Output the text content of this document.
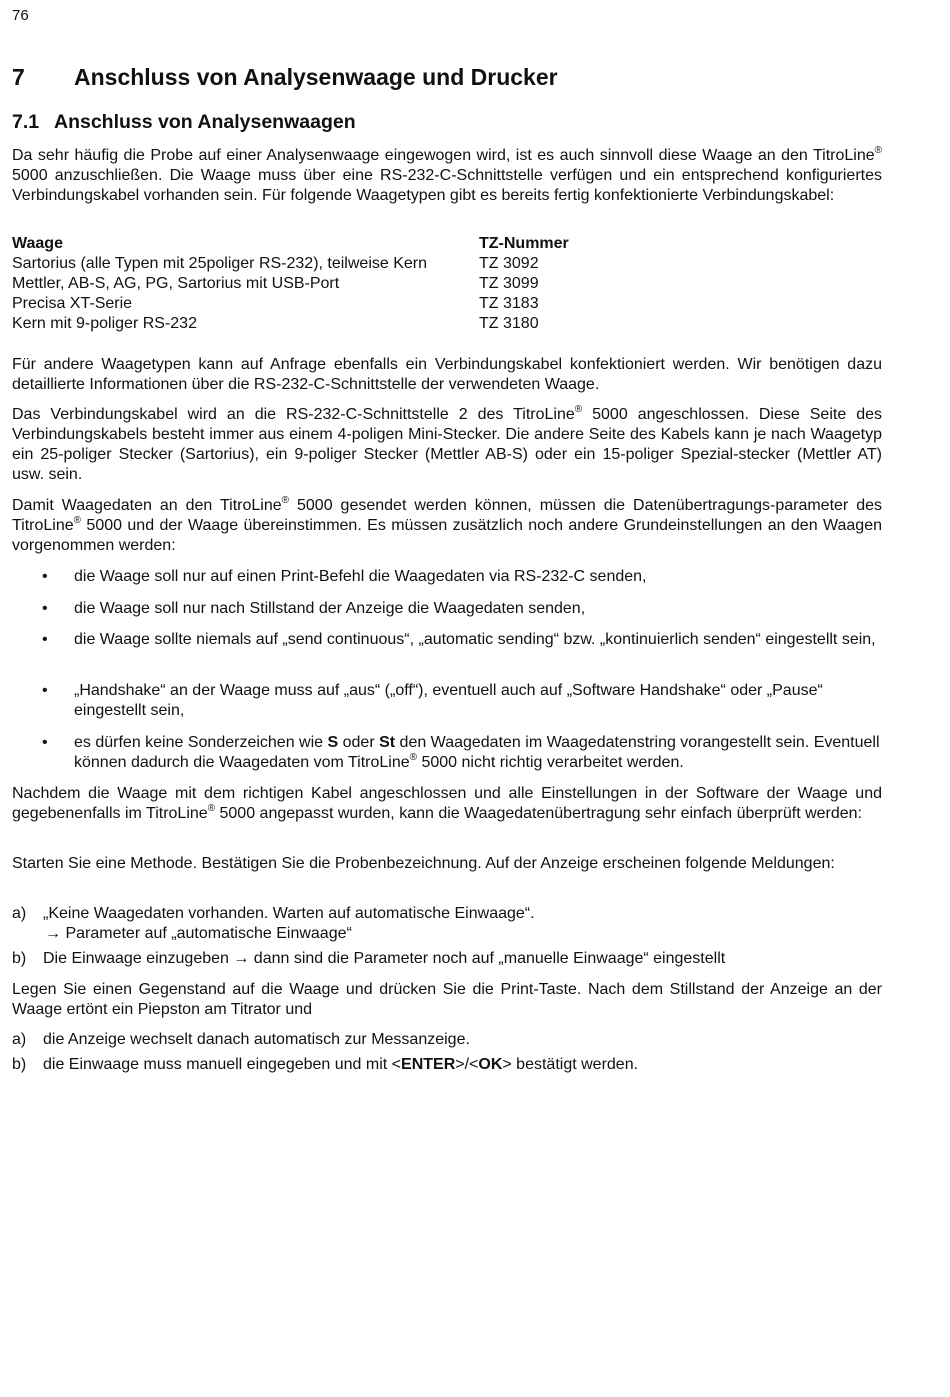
76
7 Anschluss von Analysenwaage und Drucker
7.1 Anschluss von Analysenwaagen
Da sehr häufig die Probe auf einer Analysenwaage eingewogen wird, ist es auch sinnvoll diese Waage an den TitroLine® 5000 anzuschließen. Die Waage muss über eine RS-232-C-Schnittstelle verfügen und ein entsprechend konfiguriertes Verbindungskabel vorhanden sein. Für folgende Waagetypen gibt es bereits fertig konfektionierte Verbindungskabel:
Waage	TZ-Nummer
Sartorius (alle Typen mit 25poliger RS-232), teilweise Kern	TZ 3092
Mettler, AB-S, AG, PG, Sartorius mit USB-Port	TZ 3099
Precisa XT-Serie	TZ 3183
Kern mit 9-poliger RS-232	TZ 3180
Für andere Waagetypen kann auf Anfrage ebenfalls ein Verbindungskabel konfektioniert werden. Wir benötigen dazu detaillierte Informationen über die RS-232-C-Schnittstelle der verwendeten Waage.
Das Verbindungskabel wird an die RS-232-C-Schnittstelle 2 des TitroLine® 5000 angeschlossen. Diese Seite des Verbindungskabels besteht immer aus einem 4-poligen Mini-Stecker. Die andere Seite des Kabels kann je nach Waagetyp ein 25-poliger Stecker (Sartorius), ein 9-poliger Stecker (Mettler AB-S) oder ein 15-poliger Spezial-stecker (Mettler AT) usw. sein.
Damit Waagedaten an den TitroLine® 5000 gesendet werden können, müssen die Datenübertragungs-parameter des TitroLine® 5000 und der Waage übereinstimmen. Es müssen zusätzlich noch andere Grundeinstellungen an den Waagen vorgenommen werden:
• die Waage soll nur auf einen Print-Befehl die Waagedaten via RS-232-C senden,
• die Waage soll nur nach Stillstand der Anzeige die Waagedaten senden,
• die Waage sollte niemals auf „send continuous“, „automatic sending“ bzw. „kontinuierlich senden“ eingestellt sein,
• „Handshake“ an der Waage muss auf „aus“ („off“), eventuell auch auf „Software Handshake“ oder „Pause“ eingestellt sein,
• es dürfen keine Sonderzeichen wie S oder St den Waagedaten im Waagedatenstring vorangestellt sein. Eventuell können dadurch die Waagedaten vom TitroLine® 5000 nicht richtig verarbeitet werden.
Nachdem die Waage mit dem richtigen Kabel angeschlossen und alle Einstellungen in der Software der Waage und gegebenenfalls im TitroLine® 5000 angepasst wurden, kann die Waagedatenübertragung sehr einfach überprüft werden:
Starten Sie eine Methode. Bestätigen Sie die Probenbezeichnung. Auf der Anzeige erscheinen folgende Meldungen:
a) „Keine Waagedaten vorhanden. Warten auf automatische Einwaage“.
→ Parameter auf „automatische Einwaage“
b) Die Einwaage einzugeben → dann sind die Parameter noch auf „manuelle Einwaage“ eingestellt
Legen Sie einen Gegenstand auf die Waage und drücken Sie die Print-Taste. Nach dem Stillstand der Anzeige an der Waage ertönt ein Piepston am Titrator und
a) die Anzeige wechselt danach automatisch zur Messanzeige.
b) die Einwaage muss manuell eingegeben und mit <ENTER>/<OK> bestätigt werden.
